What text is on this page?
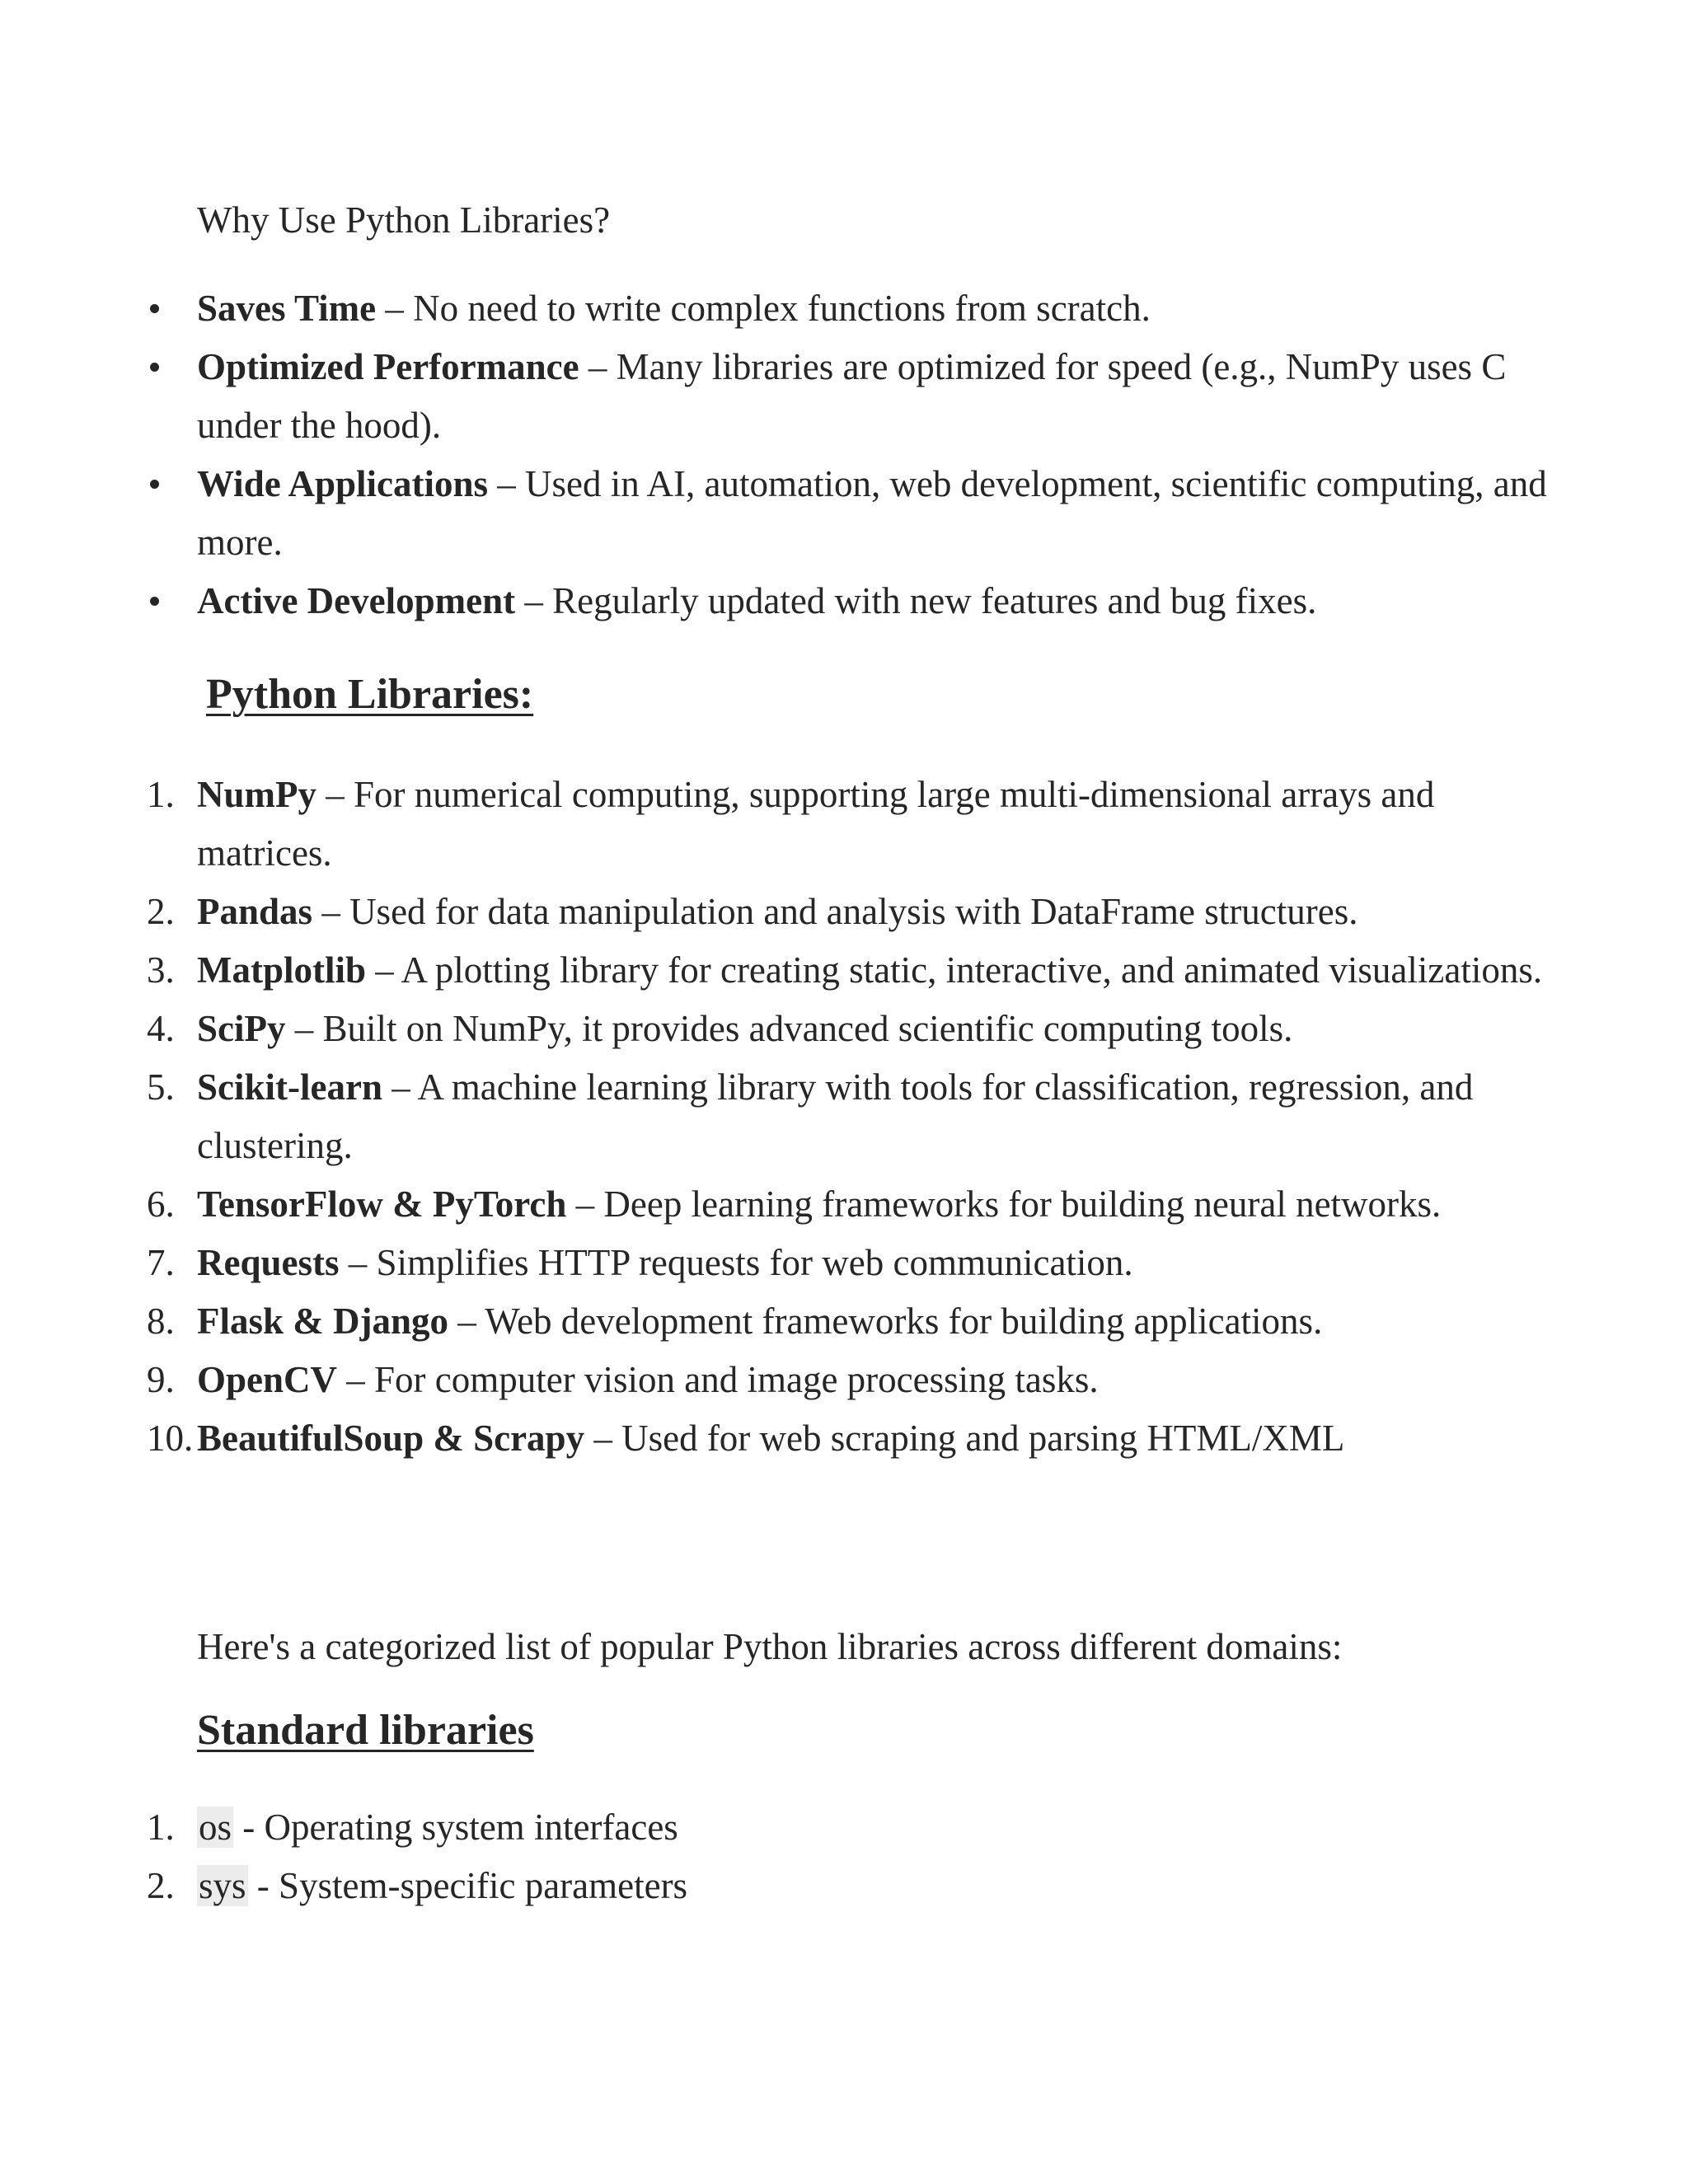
Why Use Python Libraries?

Saves Time – No need to write complex functions from scratch.
Optimized Performance – Many libraries are optimized for speed (e.g., NumPy uses C under the hood).
Wide Applications – Used in AI, automation, web development, scientific computing, and more.
Active Development – Regularly updated with new features and bug fixes.
Python Libraries:
1. NumPy – For numerical computing, supporting large multi-dimensional arrays and matrices.
2. Pandas – Used for data manipulation and analysis with DataFrame structures.
3. Matplotlib – A plotting library for creating static, interactive, and animated visualizations.
4. SciPy – Built on NumPy, it provides advanced scientific computing tools.
5. Scikit-learn – A machine learning library with tools for classification, regression, and clustering.
6. TensorFlow & PyTorch – Deep learning frameworks for building neural networks.
7. Requests – Simplifies HTTP requests for web communication.
8. Flask & Django – Web development frameworks for building applications.
9. OpenCV – For computer vision and image processing tasks.
10. BeautifulSoup & Scrapy – Used for web scraping and parsing HTML/XML

Here's a categorized list of popular Python libraries across different domains:

Standard libraries
1. os - Operating system interfaces
2. sys - System-specific parameters
